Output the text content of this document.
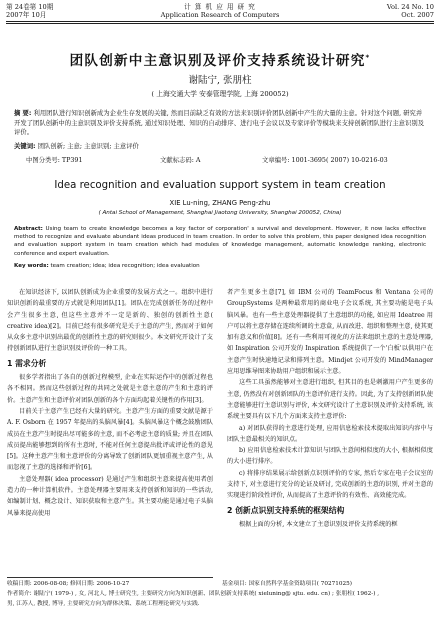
第 24卷第 10期
2007年 10月
计 算 机 应 用 研 究
Application Research of Computers
Vol. 24 No. 10
Oct. 2007
团队创新中主意识别及评价支持系统设计研究*
谢陆宁, 张朋柱
( 上海交通大学 安泰管理学院, 上海 200052)
摘 要: 利用团队进行知识创新成为企业生存发展的关键, 然而目前缺乏有效的方法来识别评价团队创新中产生的大量的主意。针对这个问题, 研究并开发了团队创新中的主意识别及评价支持系统, 通过知识处理、知识的自动排序、进行电子会议以及专家评价等模块来支持创新团队进行主意识别及评价。
关键词: 团队创新; 主意; 主意识别; 主意评价
中图分类号: TP391	文献标志码: A	文章编号: 1001-3695( 2007) 10-0216-03
Idea recognition and evaluation support system in team creation
XIE Lu-ning, ZHANG Peng-zhu
( Antai School of Management, Shanghai Jiaotong University, Shanghai 200052, China)
Abstract: Using team to create knowledge becomes a key factor of corporation' s survival and development. However, it now lacks effective method to recognize and evaluate abundant ideas produced in team creation. In order to solve this problem, this paper designed idea recognition and evaluation support system in team creation which had modules of knowledge management, automatic knowledge ranking, electronic conference and expert evaluation.
Key words: team creation; idea; idea recognition; idea evaluation

在知识经济下, 以团队创新成为企业重要的发展方式之一。组织中进行知识创新的最重要的方式就是利用团队[1]。团队在完成创新任务的过程中会产生很多主意, 但这些主意并不一定是新的、独创的创新性主意( creative idea)[2]。目前已经有很多研究是关于主意的产生, 然而对于如何从众多主意中识别出最优的创新性主意的研究则很少。本文研究开设计了支持创新团队进行主意识别及评价的一种工具。

1 需求分析

很多学者指出了各自的创新过程模型, 企业在实际运作中的创新过程也各不相同。然而这些创新过程的共同之处就是主意主意的产生和主意的评价。主意产生和主意评价对团队创新的各个方面均起着关键性的作用[3]。

目前关于主意产生已经有大量的研究。主意产生方面的重要文献是源于 A. F. Osborn 在 1957 年提出的头脑风暴[4]。头脑风暴这个概念鼓励团队成员在主意产生时提出尽可能多的主意, 而不必考虑主意的质量; 并且在团队成员提出能够想到的所有主意时, 不能对任何主意提出批评或评论性的意见[5]。这种主意产生和主意评价的分离导致了创新团队更加重视主意产生, 从而忽视了主意的选择和评价[6]。

主意处理器( idea processor) 是通过产生和组织主意来提高使用者创造力的一种计算机软件。主意处理器主要用来支持创新和知识的一些活动, 如编制计划、概念设计、知识获取和主意产生。其主要功能是通过电子头脑风暴来提高使用

者产生更多主意[7], 如 IBM 公司的 TeamFocus 和 Ventana 公司的 GroupSystems 是两种最常用的商业电子会议系统, 其主要功能是电子头脑风暴。也有一些主意处理器提供了主意组织的功能, 如应用 Ideatree 用户可以将主意存储在连续所调的主意盒, 从而改进、组织和整理主意, 使其更加有意义和价值[8]。还有一些利用可视化的方法来组织主意的主意处理器, 如 Inspiration 公司开发的 Inspiration 系统提供了一个'白板'以供用户在主意产生时快速地记录和排列主意。Mindjet 公司开发的 MindManager 应用思维导图来协助用户组织和展示主意。

这些工具虽然能够对主意进行组织, 但其目的也是刺激用户产生更多的主意, 仍然没有对创新团队的主意评价进行支持。因此, 为了支持创新团队使主意能够进行主意识别与评价, 本文研究设计了主意识别及评价支持系统, 该系统主要具有以下几个方面来支持主意评价:

a) 对团队获得的主意进行处理, 应用信息检索技术提取出知识内容中与团队主意最相关的知识点。

b) 应用信息检索技术计算知识与团队主意间相似度的大小, 根据相似度的大小进行排序。

c) 将排序结果展示给创新点识别评价的专家, 然后专家在电子会议室的支持下, 对主意进行充分的论证及研讨, 完成创新的主意的识别, 并对主意的实现进行阶段性评价, 从而提高了主意评价的有效性、高效能完成。

2 创新点识别支持系统的框架结构

根据上面的分析, 本文建立了主意识别及评价支持系统的框

收稿日期: 2006-08-08; 修回日期: 2006-10-27	基金项目: 国家自然科学基金资助项目( 70271025)
作者简介: 谢陆宁( 1979-) , 女, 河北人, 博士研究生, 主要研究方向为知识创新、团队创新支持系统( xieluning@ sjtu. edu. cn) ; 张朋柱( 1962-) ,
男, 江苏人, 教授, 博导, 主要研究方向为群体决策、系统工程理论研究与实践.
